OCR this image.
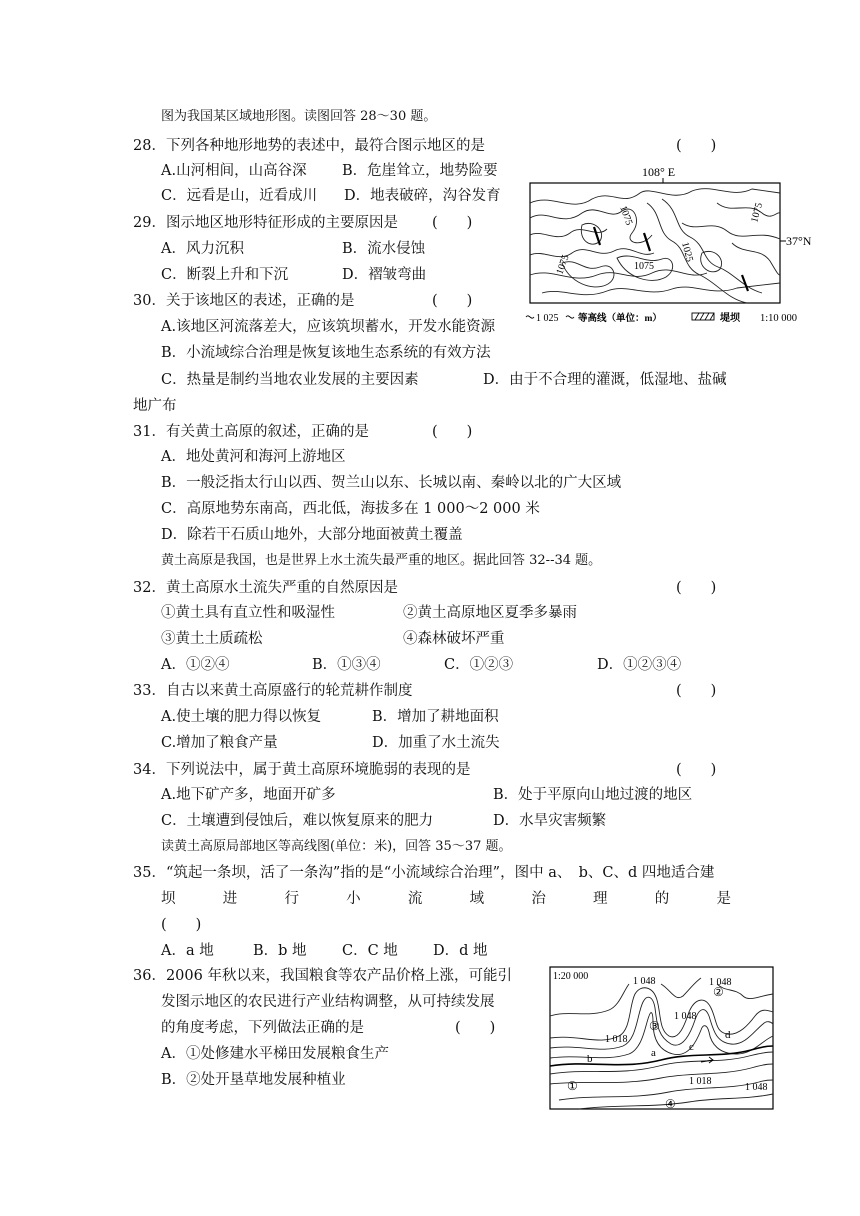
图为我国某区域地形图。读图回答 28～30 题。
28．下列各种地形地势的表述中，最符合图示地区的是	(　　)
A.山河相间，山高谷深 B．危崖耸立，地势险要
C．远看是山，近看成川 D．地表破碎，沟谷发育
29．图示地区地形特征形成的主要原因是 (　　)
A．风力沉积	B．流水侵蚀
C．断裂上升和下沉	D．褶皱弯曲
30．关于该地区的表述，正确的是	(　　)
A.该地区河流落差大，应该筑坝蓄水，开发水能资源
B．小流域综合治理是恢复该地生态系统的有效方法
C．热量是制约当地农业发展的主要因素	D．由于不合理的灌溉，低湿地、盐碱
地广布
31．有关黄土高原的叙述，正确的是	(　　)
A．地处黄河和海河上游地区
B．一般泛指太行山以西、贺兰山以东、长城以南、秦岭以北的广大区域
C．高原地势东南高，西北低，海拔多在 1 000～2 000 米
D．除若干石质山地外，大部分地面被黄土覆盖
黄土高原是我国，也是世界上水土流失最严重的地区。据此回答 32--34 题。
32．黄土高原水土流失严重的自然原因是	(　　)
①黄土具有直立性和吸湿性	②黄土高原地区夏季多暴雨
③黄土土质疏松	④森林破坏严重
A．①②④	B．①③④	C．①②③	D．①②③④
33．自古以来黄土高原盛行的轮荒耕作制度	(　　)
A.使土壤的肥力得以恢复	B．增加了耕地面积
C.增加了粮食产量	D．加重了水土流失
34．下列说法中，属于黄土高原环境脆弱的表现的是	(　　)
A.地下矿产多，地面开矿多	B．处于平原向山地过渡的地区
C．土壤遭到侵蚀后，难以恢复原来的肥力	D．水旱灾害频繁
读黄土高原局部地区等高线图(单位：米)，回答 35～37 题。
35．“筑起一条坝，活了一条沟”指的是“小流域综合治理”，图中 a、　b、C、d 四地适合建
坝	进	行	小	流	域	治	理	的	是
(　　)
A．a 地	B．b 地 C．C 地 D．d 地
36．2006 年秋以来，我国粮食等农产品价格上涨，可能引
发图示地区的农民进行产业结构调整，从可持续发展
的角度考虑，下列做法正确的是	(　　)
A．①处修建水平梯田发展粮食生产
B．②处开垦草地发展种植业
108° E
37°N
1075	1075
1075	1075
1025
1 025 等高线（单位：m）	堤坝 1:10 000
1:20 000	1 048	1 048
1 048
1 048
1 018
1 018
①
②
③
④
a
b
c
d
